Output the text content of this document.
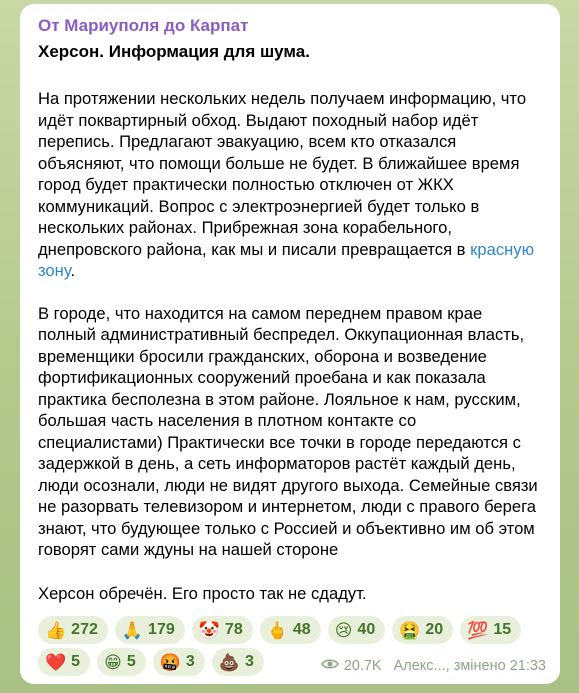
От Мариуполя до Карпат
Херсон. Информация для шума.

На протяжении нескольких недель получаем информацию, что идёт поквартирный обход. Выдают походный набор идёт перепись. Предлагают эвакуацию, всем кто отказался объясняют, что помощи больше не будет. В ближайшее время город будет практически полностью отключен от ЖКХ коммуникаций. Вопрос с электроэнергией будет только в нескольких районах. Прибрежная зона корабельного, днепровского района, как мы и писали превращается в красную зону.

В городе, что находится на самом переднем правом крае полный административный беспредел. Оккупационная власть, временщики бросили гражданских, оборона и возведение фортификационных сооружений проебана и как показала практика бесполезна в этом районе. Лояльное к нам, русским, большая часть населения в плотном контакте со специалистами) Практически все точки в городе передаются с задержкой в день, а сеть информаторов растёт каждый день, люди осознали, люди не видят другого выхода. Семейные связи не разорвать телевизором и интернетом, люди с правого берега знают, что будующее только с Россией и объективно им об этом говорят сами ждуны на нашей стороне

Херсон обречён. Его просто так не сдадут.

👍 272 🙏 179 🤡 78 🖕 48 😢 40 🤮 20 💯 15
❤️ 5 😁 5 🤬 3 💩 3	20.7K Алекс..., змінено 21:33
